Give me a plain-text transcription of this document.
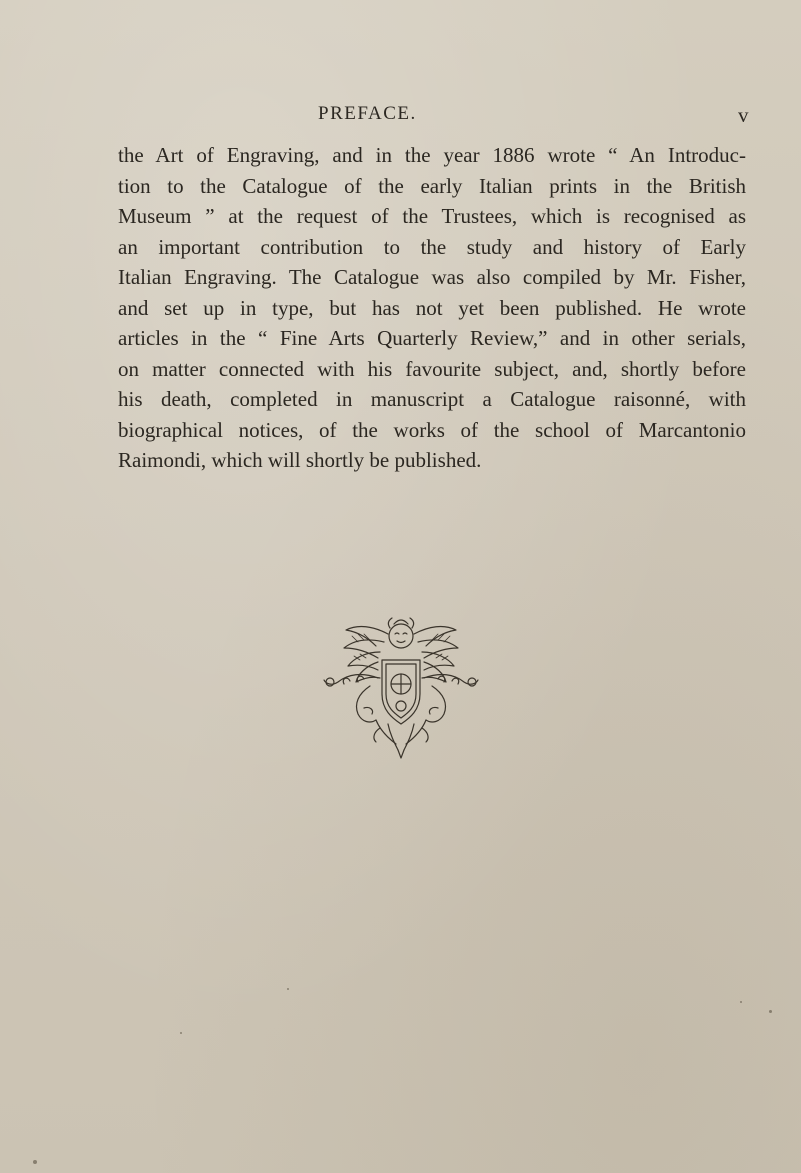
PREFACE.	v
the Art of Engraving, and in the year 1886 wrote “ An Introduc-
tion to the Catalogue of the early Italian prints in the British
Museum ” at the request of the Trustees, which is recognised as
an important contribution to the study and history of Early
Italian Engraving. The Catalogue was also compiled by Mr. Fisher,
and set up in type, but has not yet been published. He wrote
articles in the “ Fine Arts Quarterly Review,” and in other serials,
on matter connected with his favourite subject, and, shortly before
his death, completed in manuscript a Catalogue raisonné, with
biographical notices, of the works of the school of Marcantonio
Raimondi, which will shortly be published.
